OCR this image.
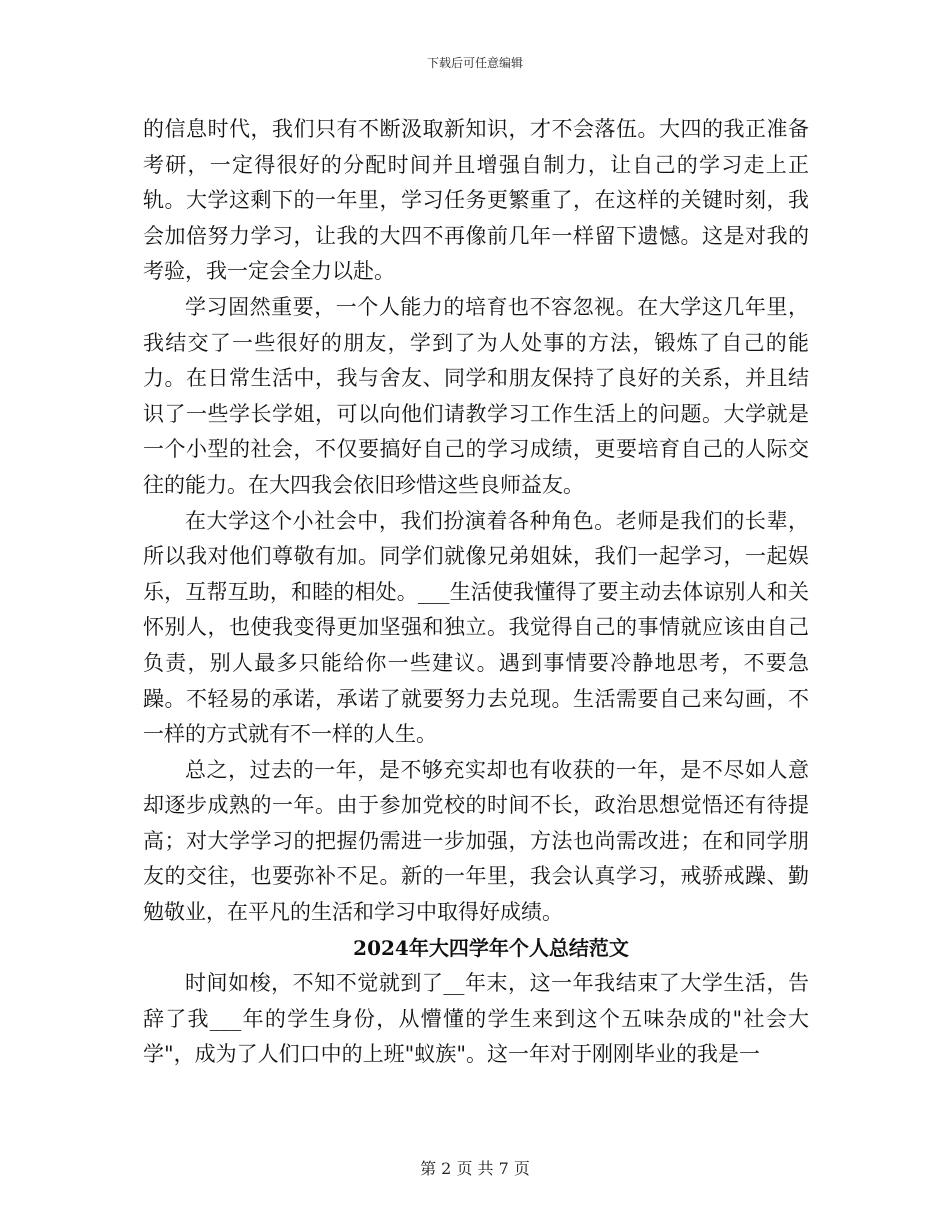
下载后可任意编辑

的信息时代，我们只有不断汲取新知识，才不会落伍。大四的我正准备考研，一定得很好的分配时间并且增强自制力，让自己的学习走上正轨。大学这剩下的一年里，学习任务更繁重了，在这样的关键时刻，我会加倍努力学习，让我的大四不再像前几年一样留下遗憾。这是对我的考验，我一定会全力以赴。

学习固然重要，一个人能力的培育也不容忽视。在大学这几年里，我结交了一些很好的朋友，学到了为人处事的方法，锻炼了自己的能力。在日常生活中，我与舍友、同学和朋友保持了良好的关系，并且结识了一些学长学姐，可以向他们请教学习工作生活上的问题。大学就是一个小型的社会，不仅要搞好自己的学习成绩，更要培育自己的人际交往的能力。在大四我会依旧珍惜这些良师益友。

在大学这个小社会中，我们扮演着各种角色。老师是我们的长辈，所以我对他们尊敬有加。同学们就像兄弟姐妹，我们一起学习，一起娱乐，互帮互助，和睦的相处。___生活使我懂得了要主动去体谅别人和关怀别人，也使我变得更加坚强和独立。我觉得自己的事情就应该由自己负责，别人最多只能给你一些建议。遇到事情要冷静地思考，不要急躁。不轻易的承诺，承诺了就要努力去兑现。生活需要自己来勾画，不一样的方式就有不一样的人生。

总之，过去的一年，是不够充实却也有收获的一年，是不尽如人意却逐步成熟的一年。由于参加党校的时间不长，政治思想觉悟还有待提高；对大学学习的把握仍需进一步加强，方法也尚需改进；在和同学朋友的交往，也要弥补不足。新的一年里，我会认真学习，戒骄戒躁、勤勉敬业，在平凡的生活和学习中取得好成绩。

2024年大四学年个人总结范文

时间如梭，不知不觉就到了__年末，这一年我结束了大学生活，告辞了我___年的学生身份，从懵懂的学生来到这个五味杂成的"社会大学"，成为了人们口中的上班"蚁族"。这一年对于刚刚毕业的我是一

第 2 页 共 7 页
